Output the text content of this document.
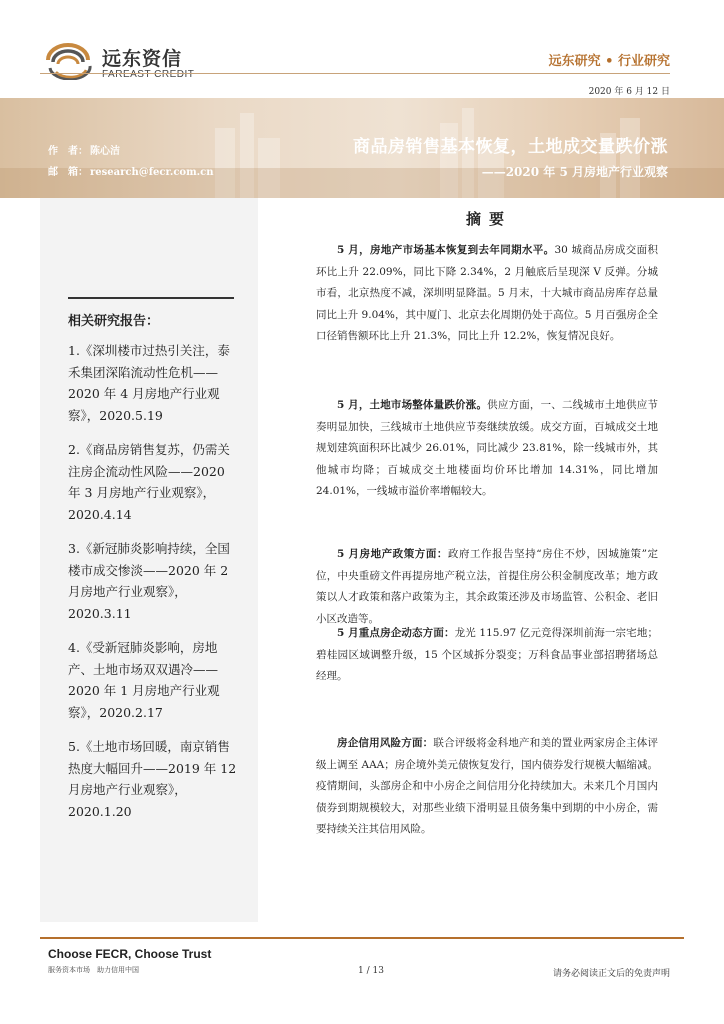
远东资信
FAREAST CREDIT
远东研究 • 行业研究
2020 年 6 月 12 日
作　者： 陈心洁
邮　箱： research@fecr.com.cn
商品房销售基本恢复，土地成交量跌价涨
——2020 年 5 月房地产行业观察
相关研究报告：
1.《深圳楼市过热引关注，泰禾集团深陷流动性危机——2020 年 4 月房地产行业观察》，2020.5.19
2.《商品房销售复苏，仍需关注房企流动性风险——2020 年 3 月房地产行业观察》，2020.4.14
3.《新冠肺炎影响持续，全国楼市成交惨淡——2020 年 2 月房地产行业观察》，2020.3.11
4.《受新冠肺炎影响，房地产、土地市场双双遇冷——2020 年 1 月房地产行业观察》，2020.2.17
5.《土地市场回暖，南京销售热度大幅回升——2019 年 12 月房地产行业观察》，2020.1.20
摘要

5 月，房地产市场基本恢复到去年同期水平。30 城商品房成交面积环比上升 22.09%，同比下降 2.34%，2 月触底后呈现深 V 反弹。分城市看，北京热度不减，深圳明显降温。5 月末，十大城市商品房库存总量同比上升 9.04%，其中厦门、北京去化周期仍处于高位。5 月百强房企全口径销售额环比上升 21.3%，同比上升 12.2%，恢复情况良好。

5 月，土地市场整体量跌价涨。供应方面，一、二线城市土地供应节奏明显加快，三线城市土地供应节奏继续放缓。成交方面，百城成交土地规划建筑面积环比减少 26.01%，同比减少 23.81%，除一线城市外，其他城市均降；百城成交土地楼面均价环比增加 14.31%，同比增加 24.01%，一线城市溢价率增幅较大。

5 月房地产政策方面：政府工作报告坚持“房住不炒，因城施策”定位，中央重磅文件再提房地产税立法，首提住房公积金制度改革；地方政策以人才政策和落户政策为主，其余政策还涉及市场监管、公积金、老旧小区改造等。

5 月重点房企动态方面：龙光 115.97 亿元竞得深圳前海一宗宅地；碧桂园区域调整升级，15 个区域拆分裂变；万科食品事业部招聘猪场总经理。

房企信用风险方面：联合评级将金科地产和美的置业两家房企主体评级上调至 AAA；房企境外美元债恢复发行，国内债券发行规模大幅缩减。疫情期间，头部房企和中小房企之间信用分化持续加大。未来几个月国内债券到期规模较大，对那些业绩下滑明显且债务集中到期的中小房企，需要持续关注其信用风险。

Choose FECR, Choose Trust
服务资本市场　助力信用中国	1 / 13	请务必阅读正文后的免责声明
